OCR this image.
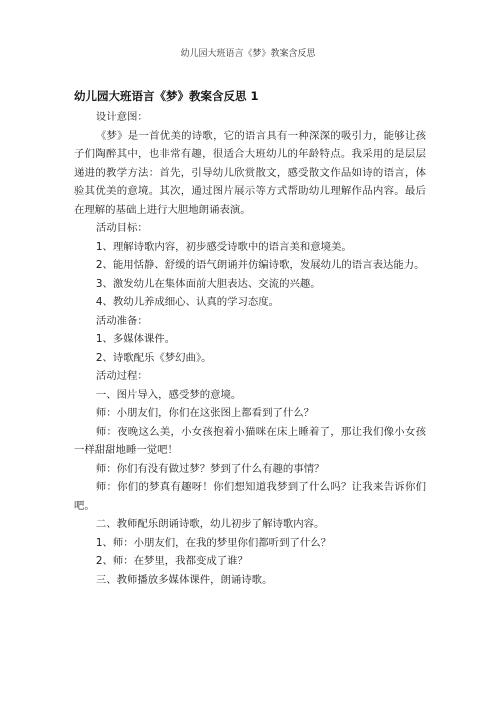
幼儿园大班语言《梦》教案含反思
幼儿园大班语言《梦》教案含反思 1

设计意图：

《梦》是一首优美的诗歌，它的语言具有一种深深的吸引力，能够让孩子们陶醉其中，也非常有趣，很适合大班幼儿的年龄特点。我采用的是层层递进的教学方法：首先，引导幼儿欣赏散文，感受散文作品如诗的语言，体验其优美的意境。其次，通过图片展示等方式帮助幼儿理解作品内容。最后在理解的基础上进行大胆地朗诵表演。

活动目标：

1、理解诗歌内容，初步感受诗歌中的语言美和意境美。

2、能用恬静、舒缓的语气朗诵并仿编诗歌，发展幼儿的语言表达能力。

3、激发幼儿在集体面前大胆表达、交流的兴趣。

4、教幼儿养成细心、认真的学习态度。

活动准备：

1、多媒体课件。

2、诗歌配乐《梦幻曲》。

活动过程：

一、图片导入，感受梦的意境。

师：小朋友们，你们在这张图上都看到了什么？

师：夜晚这么美，小女孩抱着小猫咪在床上睡着了，那让我们像小女孩一样甜甜地睡一觉吧！

师：你们有没有做过梦？梦到了什么有趣的事情？

师：你们的梦真有趣呀！你们想知道我梦到了什么吗？让我来告诉你们吧。

二、教师配乐朗诵诗歌，幼儿初步了解诗歌内容。

1、师：小朋友们，在我的梦里你们都听到了什么？

2、师：在梦里，我都变成了谁？

三、教师播放多媒体课件，朗诵诗歌。
